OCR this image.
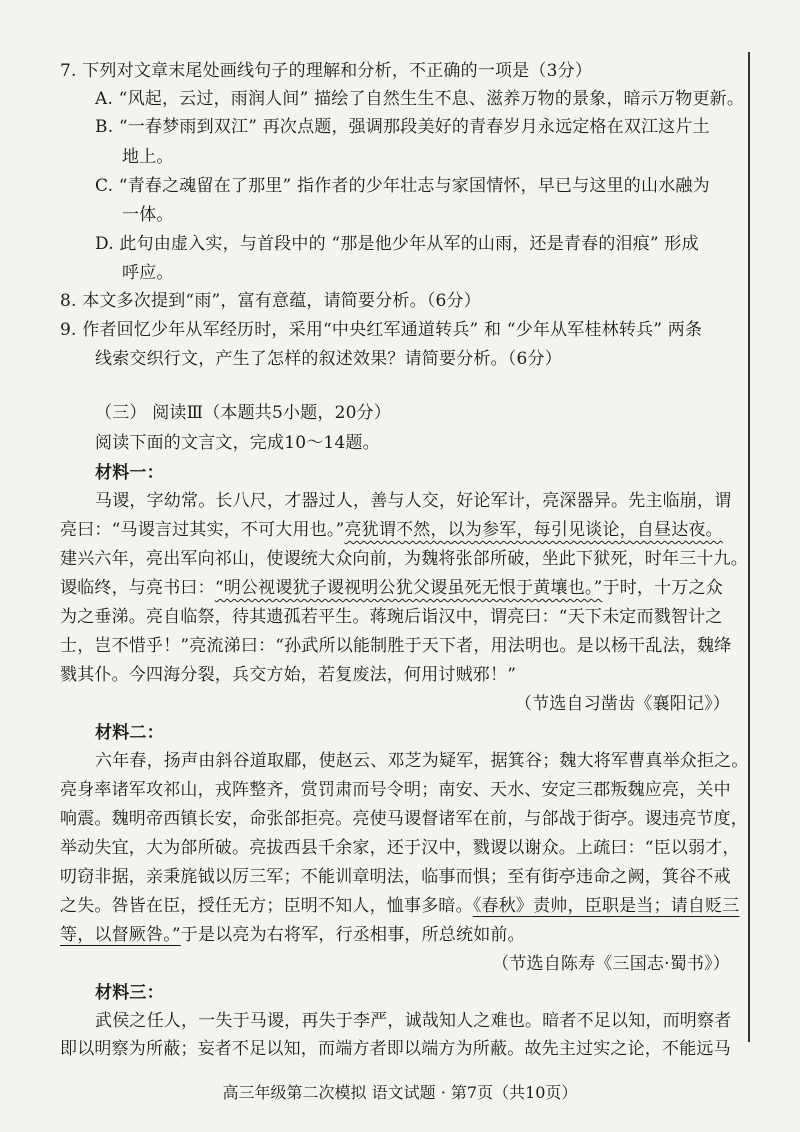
7. 下列对文章末尾处画线句子的理解和分析，不正确的一项是（3分）
A. “风起，云过，雨润人间” 描绘了自然生生不息、滋养万物的景象，暗示万物更新。
B. “一春梦雨到双江” 再次点题，强调那段美好的青春岁月永远定格在双江这片土
地上。
C. “青春之魂留在了那里” 指作者的少年壮志与家国情怀，早已与这里的山水融为
一体。
D. 此句由虚入实，与首段中的 “那是他少年从军的山雨，还是青春的泪痕” 形成
呼应。
8. 本文多次提到“雨”，富有意蕴，请简要分析。（6分）
9. 作者回忆少年从军经历时，采用“中央红军通道转兵” 和 “少年从军桂林转兵” 两条
线索交织行文，产生了怎样的叙述效果？请简要分析。（6分）
（三） 阅读Ⅲ（本题共5小题，20分）
阅读下面的文言文，完成10～14题。
材料一：
马谡，字幼常。长八尺，才器过人，善与人交，好论军计，亮深器异。先主临崩，谓
亮曰：“马谡言过其实，不可大用也。”亮犹谓不然，以为参军，每引见谈论，自昼达夜。
建兴六年，亮出军向祁山，使谡统大众向前，为魏将张郃所破，坐此下狱死，时年三十九。
谡临终，与亮书曰：“明公视谡犹子谡视明公犹父谡虽死无恨于黄壤也。”于时，十万之众
为之垂涕。亮自临祭，待其遗孤若平生。蒋琬后诣汉中，谓亮曰：“天下未定而戮智计之
士，岂不惜乎！”亮流涕曰：“孙武所以能制胜于天下者，用法明也。是以杨干乱法，魏绛
戮其仆。今四海分裂，兵交方始，若复废法，何用讨贼邪！”
（节选自习凿齿《襄阳记》）
材料二：
六年春，扬声由斜谷道取郿，使赵云、邓芝为疑军，据箕谷；魏大将军曹真举众拒之。
亮身率诸军攻祁山，戎阵整齐，赏罚肃而号令明；南安、天水、安定三郡叛魏应亮，关中
响震。魏明帝西镇长安，命张郃拒亮。亮使马谡督诸军在前，与郃战于街亭。谡违亮节度，
举动失宜，大为郃所破。亮拔西县千余家，还于汉中，戮谡以谢众。上疏曰：“臣以弱才，
叨窃非据，亲秉旄钺以厉三军；不能训章明法，临事而惧；至有街亭违命之阙，箕谷不戒
之失。咎皆在臣，授任无方；臣明不知人，恤事多暗。《春秋》责帅，臣职是当；请自贬三
等，以督厥咎。”于是以亮为右将军，行丞相事，所总统如前。
（节选自陈寿《三国志·蜀书》）
材料三：
武侯之任人，一失于马谡，再失于李严，诚哉知人之难也。暗者不足以知，而明察者
即以明察为所蔽；妄者不足以知，而端方者即以端方为所蔽。故先主过实之论，不能远马
高三年级第二次模拟 语文试题 · 第7页（共10页）
